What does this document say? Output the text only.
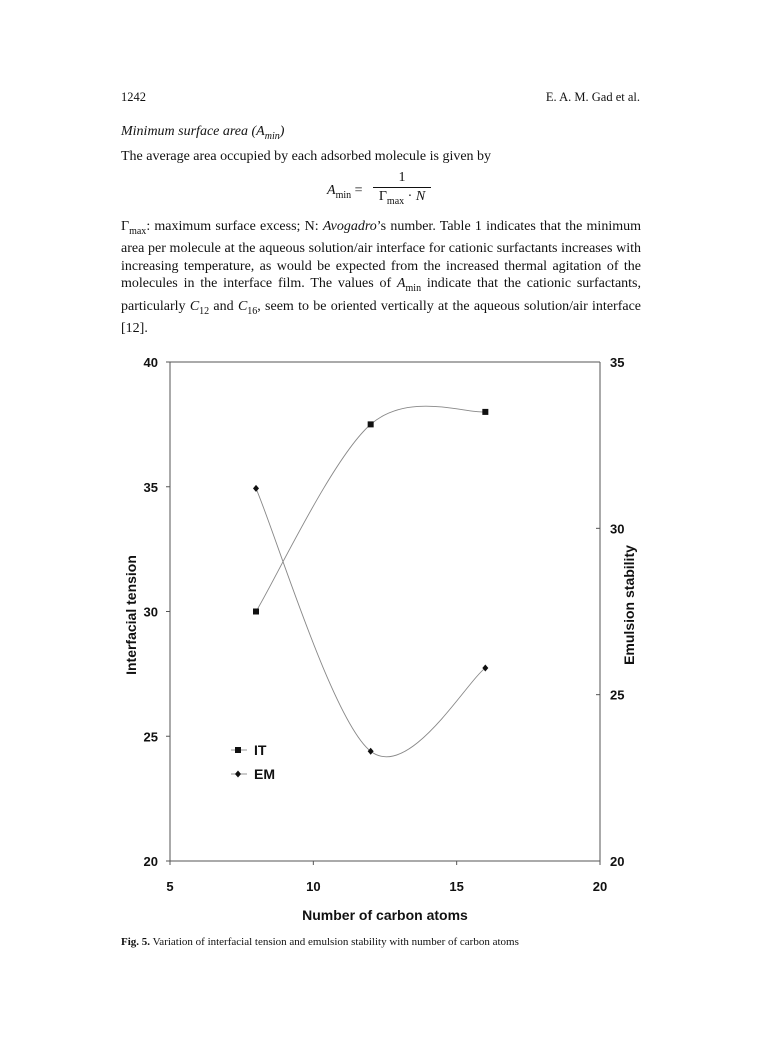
1242	E. A. M. Gad et al.
Minimum surface area $(A_{min})$
The average area occupied by each adsorbed molecule is given by
$A_{min}$ =
1
$\Gamma_{max} \cdot N$
$\Gamma_{max}$: maximum surface excess; N: Avogadro’s number. Table 1 indicates that the minimum area per molecule at the aqueous solution/air interface for cationic surfactants increases with increasing temperature, as would be expected from the increased thermal agitation of the molecules in the interface film. The values of $A_{min}$ indicate that the cationic surfactants, particularly $C_{12}$ and $C_{16}$, seem to be oriented vertically at the aqueous solution/air interface [12].
5	10	15	20
20
25
30
35
40
20
25
30
35
IT
EM
Number of carbon atoms
Interfacial tension	Emulsion stability
Fig. 5. Variation of interfacial tension and emulsion stability with number of carbon atoms
